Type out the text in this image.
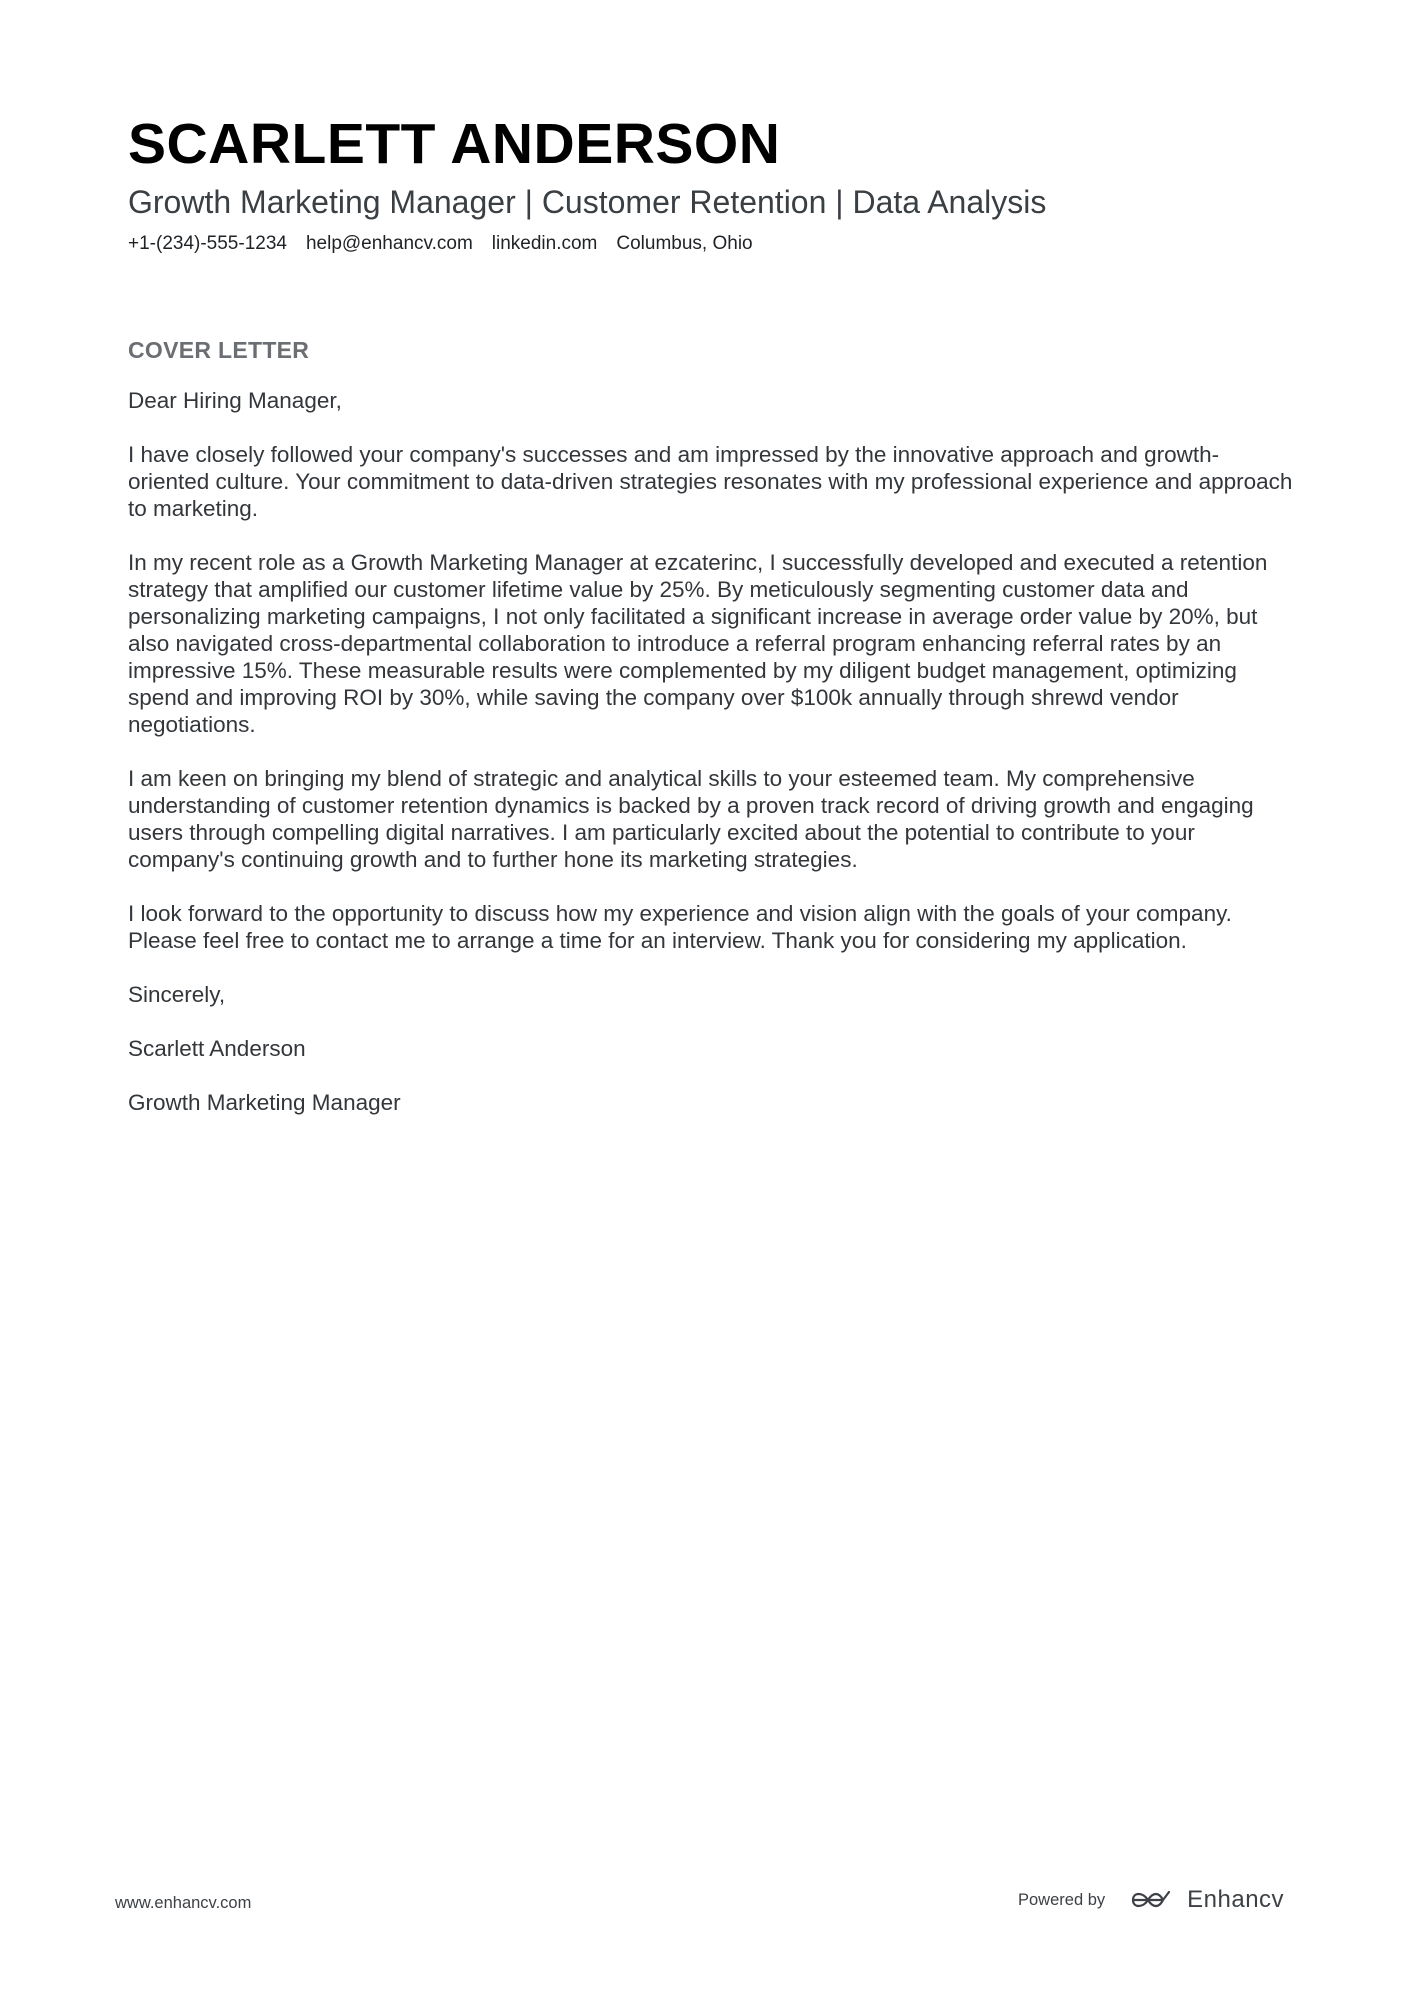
SCARLETT ANDERSON
Growth Marketing Manager | Customer Retention | Data Analysis
+1-(234)-555-1234 help@enhancv.com linkedin.com Columbus, Ohio
COVER LETTER

Dear Hiring Manager,

I have closely followed your company's successes and am impressed by the innovative approach and growth-oriented culture. Your commitment to data-driven strategies resonates with my professional experience and approach to marketing.

In my recent role as a Growth Marketing Manager at ezcaterinc, I successfully developed and executed a retention strategy that amplified our customer lifetime value by 25%. By meticulously segmenting customer data and personalizing marketing campaigns, I not only facilitated a significant increase in average order value by 20%, but also navigated cross-departmental collaboration to introduce a referral program enhancing referral rates by an impressive 15%. These measurable results were complemented by my diligent budget management, optimizing spend and improving ROI by 30%, while saving the company over $100k annually through shrewd vendor negotiations.

I am keen on bringing my blend of strategic and analytical skills to your esteemed team. My comprehensive understanding of customer retention dynamics is backed by a proven track record of driving growth and engaging users through compelling digital narratives. I am particularly excited about the potential to contribute to your company's continuing growth and to further hone its marketing strategies.

I look forward to the opportunity to discuss how my experience and vision align with the goals of your company. Please feel free to contact me to arrange a time for an interview. Thank you for considering my application.

Sincerely,

Scarlett Anderson

Growth Marketing Manager

www.enhancv.com	Powered by	Enhancv
